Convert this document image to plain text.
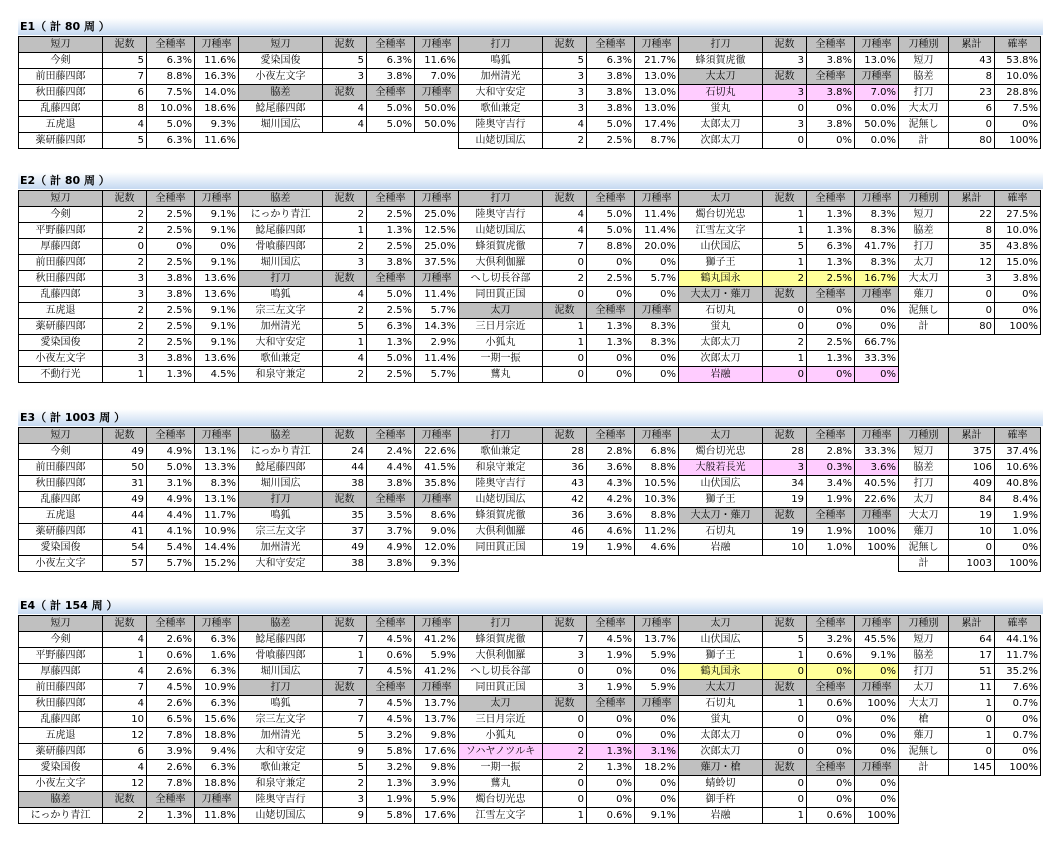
E1（ 計 80 周 ）
短刀	泥数	全種率	刀種率	短刀	泥数	全種率	刀種率	打刀	泥数	全種率	刀種率	打刀	泥数	全種率	刀種率	刀種別	累計	確率
今剣	5	6.3%	11.6%	愛染国俊	5	6.3%	11.6%	鳴狐	5	6.3%	21.7%	蜂須賀虎徹	3	3.8%	13.0%	短刀	43	53.8%
前田藤四郎	7	8.8%	16.3%	小夜左文字	3	3.8%	7.0%	加州清光	3	3.8%	13.0%	大太刀	泥数	全種率	刀種率	脇差	8	10.0%
秋田藤四郎	6	7.5%	14.0%	脇差	泥数	全種率	刀種率	大和守安定	3	3.8%	13.0%	石切丸	3	3.8%	7.0%	打刀	23	28.8%
乱藤四郎	8	10.0%	18.6%	鯰尾藤四郎	4	5.0%	50.0%	歌仙兼定	3	3.8%	13.0%	蛍丸	0	0%	0.0%	大太刀	6	7.5%
五虎退	4	5.0%	9.3%	堀川国広	4	5.0%	50.0%	陸奥守吉行	4	5.0%	17.4%	太郎太刀	3	3.8%	50.0%	泥無し	0	0%
薬研藤四郎	5	6.3%	11.6%					山姥切国広	2	2.5%	8.7%	次郎太刀	0	0%	0.0%	計	80	100%
E2（ 計 80 周 ）
短刀	泥数	全種率	刀種率	脇差	泥数	全種率	刀種率	打刀	泥数	全種率	刀種率	太刀	泥数	全種率	刀種率	刀種別	累計	確率
今剣	2	2.5%	9.1%	にっかり青江	2	2.5%	25.0%	陸奥守吉行	4	5.0%	11.4%	燭台切光忠	1	1.3%	8.3%	短刀	22	27.5%
平野藤四郎	2	2.5%	9.1%	鯰尾藤四郎	1	1.3%	12.5%	山姥切国広	4	5.0%	11.4%	江雪左文字	1	1.3%	8.3%	脇差	8	10.0%
厚藤四郎	0	0%	0%	骨喰藤四郎	2	2.5%	25.0%	蜂須賀虎徹	7	8.8%	20.0%	山伏国広	5	6.3%	41.7%	打刀	35	43.8%
前田藤四郎	2	2.5%	9.1%	堀川国広	3	3.8%	37.5%	大倶利伽羅	0	0%	0%	獅子王	1	1.3%	8.3%	太刀	12	15.0%
秋田藤四郎	3	3.8%	13.6%	打刀	泥数	全種率	刀種率	へし切長谷部	2	2.5%	5.7%	鶴丸国永	2	2.5%	16.7%	大太刀	3	3.8%
乱藤四郎	3	3.8%	13.6%	鳴狐	4	5.0%	11.4%	同田貫正国	0	0%	0%	大太刀・薙刀	泥数	全種率	刀種率	薙刀	0	0%
五虎退	2	2.5%	9.1%	宗三左文字	2	2.5%	5.7%	太刀	泥数	全種率	刀種率	石切丸	0	0%	0%	泥無し	0	0%
薬研藤四郎	2	2.5%	9.1%	加州清光	5	6.3%	14.3%	三日月宗近	1	1.3%	8.3%	蛍丸	0	0%	0%	計	80	100%
愛染国俊	2	2.5%	9.1%	大和守安定	1	1.3%	2.9%	小狐丸	1	1.3%	8.3%	太郎太刀	2	2.5%	66.7%			
小夜左文字	3	3.8%	13.6%	歌仙兼定	4	5.0%	11.4%	一期一振	0	0%	0%	次郎太刀	1	1.3%	33.3%			
不動行光	1	1.3%	4.5%	和泉守兼定	2	2.5%	5.7%	鶿丸	0	0%	0%	岩融	0	0%	0%			
E3（ 計 1003 周 ）
短刀	泥数	全種率	刀種率	脇差	泥数	全種率	刀種率	打刀	泥数	全種率	刀種率	太刀	泥数	全種率	刀種率	刀種別	累計	確率
今剣	49	4.9%	13.1%	にっかり青江	24	2.4%	22.6%	歌仙兼定	28	2.8%	6.8%	燭台切光忠	28	2.8%	33.3%	短刀	375	37.4%
前田藤四郎	50	5.0%	13.3%	鯰尾藤四郎	44	4.4%	41.5%	和泉守兼定	36	3.6%	8.8%	大般若長光	3	0.3%	3.6%	脇差	106	10.6%
秋田藤四郎	31	3.1%	8.3%	堀川国広	38	3.8%	35.8%	陸奥守吉行	43	4.3%	10.5%	山伏国広	34	3.4%	40.5%	打刀	409	40.8%
乱藤四郎	49	4.9%	13.1%	打刀	泥数	全種率	刀種率	山姥切国広	42	4.2%	10.3%	獅子王	19	1.9%	22.6%	太刀	84	8.4%
五虎退	44	4.4%	11.7%	鳴狐	35	3.5%	8.6%	蜂須賀虎徹	36	3.6%	8.8%	大太刀・薙刀	泥数	全種率	刀種率	大太刀	19	1.9%
薬研藤四郎	41	4.1%	10.9%	宗三左文字	37	3.7%	9.0%	大倶利伽羅	46	4.6%	11.2%	石切丸	19	1.9%	100%	薙刀	10	1.0%
愛染国俊	54	5.4%	14.4%	加州清光	49	4.9%	12.0%	同田貫正国	19	1.9%	4.6%	岩融	10	1.0%	100%	泥無し	0	0%
小夜左文字	57	5.7%	15.2%	大和守安定	38	3.8%	9.3%									計	1003	100%
E4（ 計 154 周 ）
短刀	泥数	全種率	刀種率	脇差	泥数	全種率	刀種率	打刀	泥数	全種率	刀種率	太刀	泥数	全種率	刀種率	刀種別	累計	確率
今剣	4	2.6%	6.3%	鯰尾藤四郎	7	4.5%	41.2%	蜂須賀虎徹	7	4.5%	13.7%	山伏国広	5	3.2%	45.5%	短刀	64	44.1%
平野藤四郎	1	0.6%	1.6%	骨喰藤四郎	1	0.6%	5.9%	大倶利伽羅	3	1.9%	5.9%	獅子王	1	0.6%	9.1%	脇差	17	11.7%
厚藤四郎	4	2.6%	6.3%	堀川国広	7	4.5%	41.2%	へし切長谷部	0	0%	0%	鶴丸国永	0	0%	0%	打刀	51	35.2%
前田藤四郎	7	4.5%	10.9%	打刀	泥数	全種率	刀種率	同田貫正国	3	1.9%	5.9%	大太刀	泥数	全種率	刀種率	太刀	11	7.6%
秋田藤四郎	4	2.6%	6.3%	鳴狐	7	4.5%	13.7%	太刀	泥数	全種率	刀種率	石切丸	1	0.6%	100%	大太刀	1	0.7%
乱藤四郎	10	6.5%	15.6%	宗三左文字	7	4.5%	13.7%	三日月宗近	0	0%	0%	蛍丸	0	0%	0%	槍	0	0%
五虎退	12	7.8%	18.8%	加州清光	5	3.2%	9.8%	小狐丸	0	0%	0%	太郎太刀	0	0%	0%	薙刀	1	0.7%
薬研藤四郎	6	3.9%	9.4%	大和守安定	9	5.8%	17.6%	ソハヤノツルキ	2	1.3%	3.1%	次郎太刀	0	0%	0%	泥無し	0	0%
愛染国俊	4	2.6%	6.3%	歌仙兼定	5	3.2%	9.8%	一期一振	2	1.3%	18.2%	薙刀・槍	泥数	全種率	刀種率	計	145	100%
小夜左文字	12	7.8%	18.8%	和泉守兼定	2	1.3%	3.9%	鶿丸	0	0%	0%	蜻蛉切	0	0%	0%			
脇差	泥数	全種率	刀種率	陸奥守吉行	3	1.9%	5.9%	燭台切光忠	0	0%	0%	御手杵	0	0%	0%			
にっかり青江	2	1.3%	11.8%	山姥切国広	9	5.8%	17.6%	江雪左文字	1	0.6%	9.1%	岩融	1	0.6%	100%			
